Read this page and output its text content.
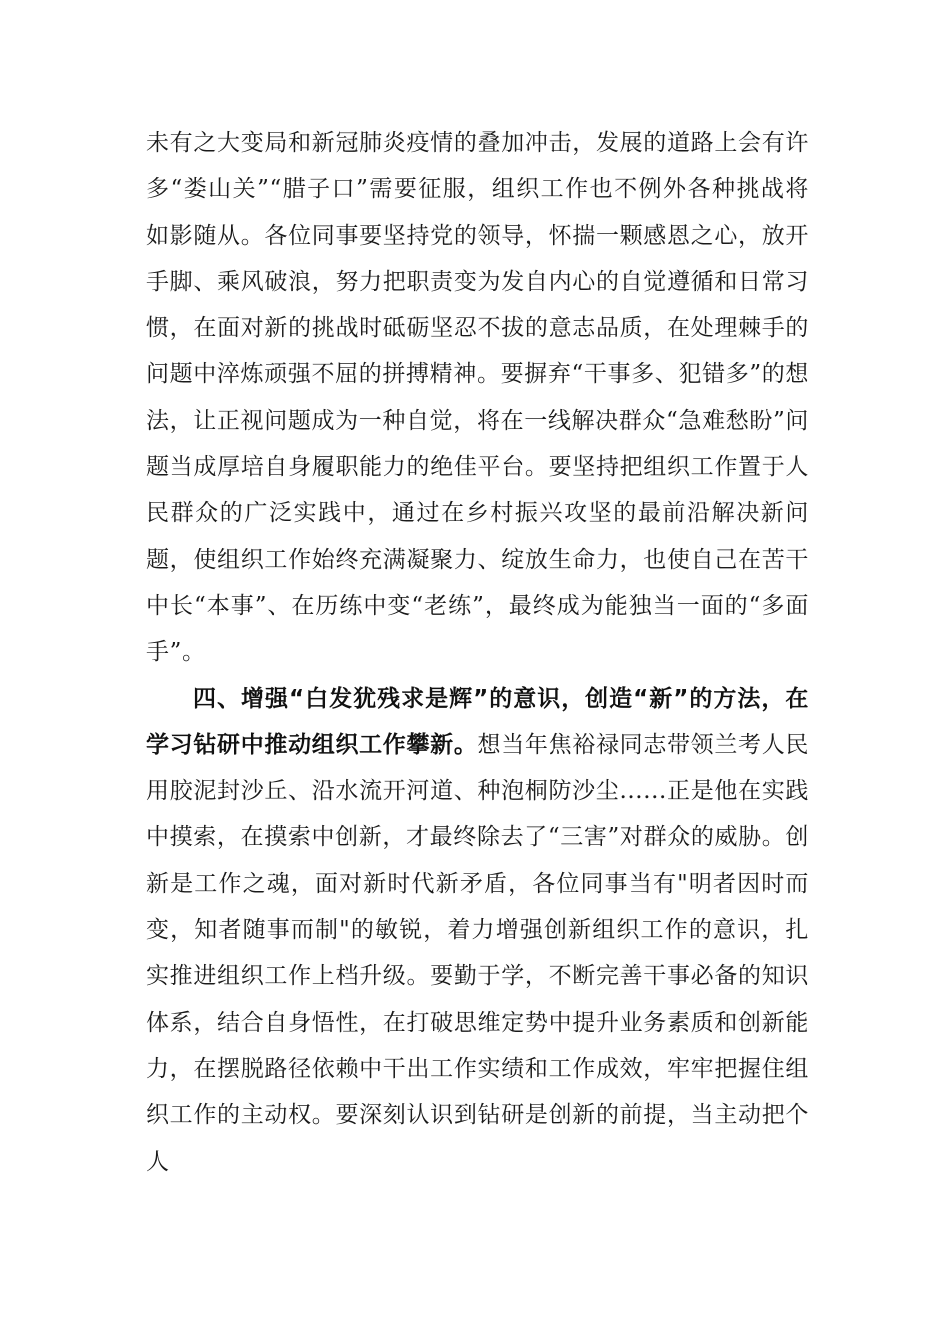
未有之大变局和新冠肺炎疫情的叠加冲击，发展的道路上会有许多“娄山关”“腊子口”需要征服，组织工作也不例外各种挑战将如影随从。各位同事要坚持党的领导，怀揣一颗感恩之心，放开手脚、乘风破浪，努力把职责变为发自内心的自觉遵循和日常习惯，在面对新的挑战时砥砺坚忍不拔的意志品质，在处理棘手的问题中淬炼顽强不屈的拼搏精神。要摒弃“干事多、犯错多”的想法，让正视问题成为一种自觉，将在一线解决群众“急难愁盼”问题当成厚培自身履职能力的绝佳平台。要坚持把组织工作置于人民群众的广泛实践中，通过在乡村振兴攻坚的最前沿解决新问题，使组织工作始终充满凝聚力、绽放生命力，也使自己在苦干中长“本事”、在历练中变“老练”，最终成为能独当一面的“多面手”。

四、增强“白发犹残求是辉”的意识，创造“新”的方法，在学习钻研中推动组织工作攀新。想当年焦裕禄同志带领兰考人民用胶泥封沙丘、沿水流开河道、种泡桐防沙尘......正是他在实践中摸索，在摸索中创新，才最终除去了“三害”对群众的威胁。创新是工作之魂，面对新时代新矛盾，各位同事当有"明者因时而变，知者随事而制"的敏锐，着力增强创新组织工作的意识，扎实推进组织工作上档升级。要勤于学，不断完善干事必备的知识体系，结合自身悟性，在打破思维定势中提升业务素质和创新能力，在摆脱路径依赖中干出工作实绩和工作成效，牢牢把握住组织工作的主动权。要深刻认识到钻研是创新的前提，当主动把个人
